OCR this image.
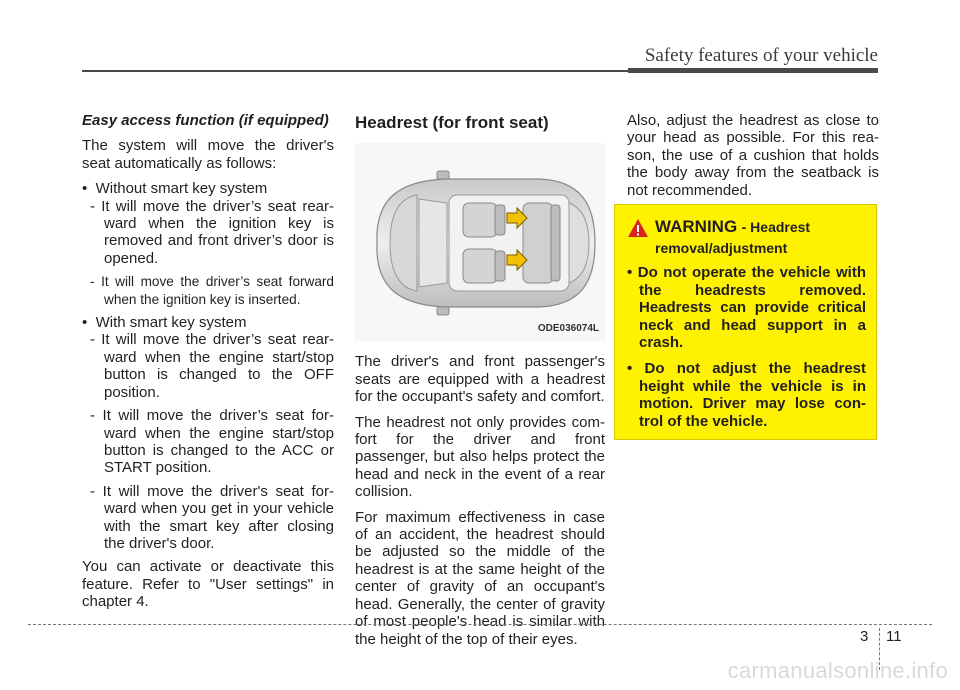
Safety features of your vehicle

Easy access function (if equipped)

The system will move the driver's seat automatically as follows:

•  Without smart key system
- It will move the driver’s seat rear-ward when the ignition key is removed and front driver’s door is opened.
- It will move the driver’s seat forward when the ignition key is inserted.
•  With smart key system
- It will move the driver’s seat rear-ward when the engine start/stop button is changed to the OFF position.
- It will move the driver’s seat for-ward when the engine start/stop button is changed to the ACC or START position.
- It will move the driver's seat for-ward when you get in your vehicle with the smart key after closing the driver's door.

You can activate or deactivate this feature. Refer to "User settings" in chapter 4.

Headrest (for front seat)
ODE036074L

The driver's and front passenger's seats are equipped with a headrest for the occupant's safety and comfort.

The headrest not only provides com-fort for the driver and front passenger, but also helps protect the head and neck in the event of a rear collision.

For maximum effectiveness in case of an accident, the headrest should be adjusted so the middle of the headrest is at the same height of the center of gravity of an occupant's head. Generally, the center of gravity of most people's head is similar with the height of the top of their eyes.

Also, adjust the headrest as close to your head as possible. For this rea-son, the use of a cushion that holds the body away from the seatback is not recommended.

WARNING - Headrest
removal/adjustment

• Do not operate the vehicle with the headrests removed. Headrests can provide critical neck and head support in a crash.

• Do not adjust the headrest height while the vehicle is in motion. Driver may lose con-trol of the vehicle.

3 11
carmanualsonline.info
